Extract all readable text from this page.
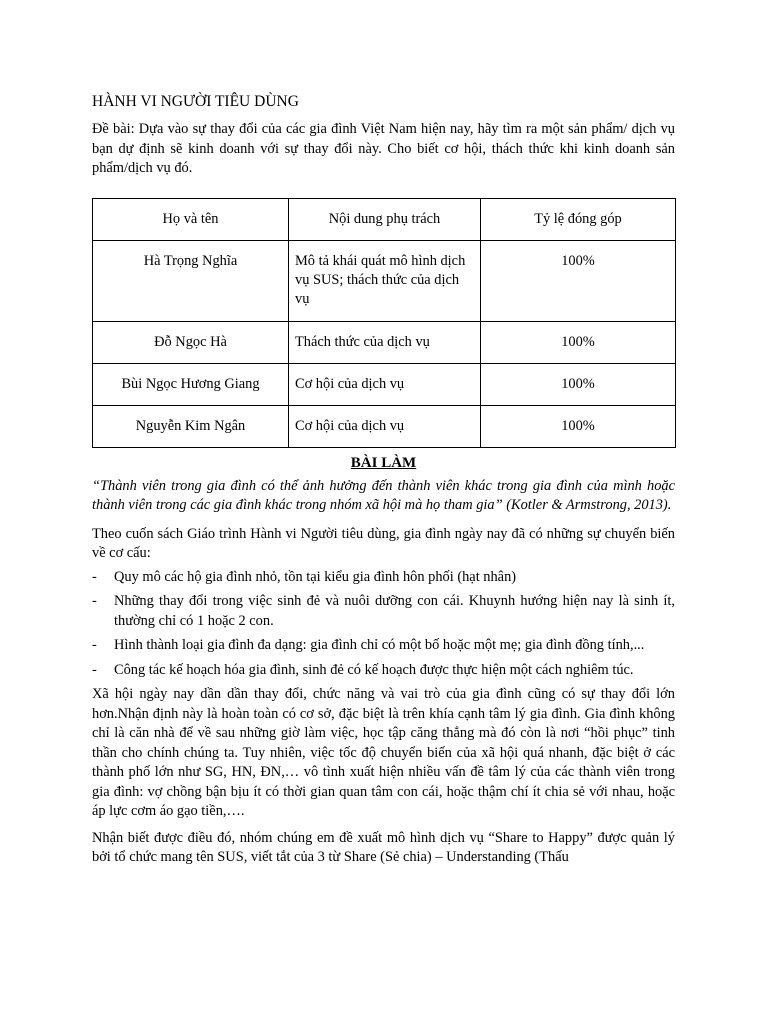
HÀNH VI NGƯỜI TIÊU DÙNG

Đề bài: Dựa vào sự thay đổi của các gia đình Việt Nam hiện nay, hãy tìm ra một sản phẩm/ dịch vụ bạn dự định sẽ kinh doanh với sự thay đổi này. Cho biết cơ hội, thách thức khi kinh doanh sản phẩm/dịch vụ đó.

Họ và tên	Nội dung phụ trách	Tỷ lệ đóng góp
Hà Trọng Nghĩa	Mô tả khái quát mô hình dịch vụ SUS; thách thức của dịch vụ	100%
Đỗ Ngọc Hà	Thách thức của dịch vụ	100%
Bùi Ngọc Hương Giang	Cơ hội của dịch vụ	100%
Nguyễn Kim Ngân	Cơ hội của dịch vụ	100%
BÀI LÀM

“Thành viên trong gia đình có thể ảnh hưởng đến thành viên khác trong gia đình của mình hoặc thành viên trong các gia đình khác trong nhóm xã hội mà họ tham gia” (Kotler & Armstrong, 2013).

Theo cuốn sách Giáo trình Hành vi Người tiêu dùng, gia đình ngày nay đã có những sự chuyển biến về cơ cấu:

- Quy mô các hộ gia đình nhỏ, tồn tại kiểu gia đình hôn phối (hạt nhân)
- Những thay đổi trong việc sinh đẻ và nuôi dưỡng con cái. Khuynh hướng hiện nay là sinh ít, thường chỉ có 1 hoặc 2 con.
- Hình thành loại gia đình đa dạng: gia đình chỉ có một bố hoặc một mẹ; gia đình đồng tính,...
- Công tác kế hoạch hóa gia đình, sinh đẻ có kế hoạch được thực hiện một cách nghiêm túc.

Xã hội ngày nay dần dần thay đổi, chức năng và vai trò của gia đình cũng có sự thay đổi lớn hơn.Nhận định này là hoàn toàn có cơ sở, đặc biệt là trên khía cạnh tâm lý gia đình. Gia đình không chỉ là căn nhà để về sau những giờ làm việc, học tập căng thẳng mà đó còn là nơi “hồi phục” tinh thần cho chính chúng ta. Tuy nhiên, việc tốc độ chuyển biến của xã hội quá nhanh, đặc biệt ở các thành phố lớn như SG, HN, ĐN,… vô tình xuất hiện nhiều vấn đề tâm lý của các thành viên trong gia đình: vợ chồng bận bịu ít có thời gian quan tâm con cái, hoặc thậm chí ít chia sẻ với nhau, hoặc áp lực cơm áo gạo tiền,….

Nhận biết được điều đó, nhóm chúng em đề xuất mô hình dịch vụ “Share to Happy” được quản lý bởi tổ chức mang tên SUS, viết tắt của 3 từ Share (Sẻ chia) – Understanding (Thấu
